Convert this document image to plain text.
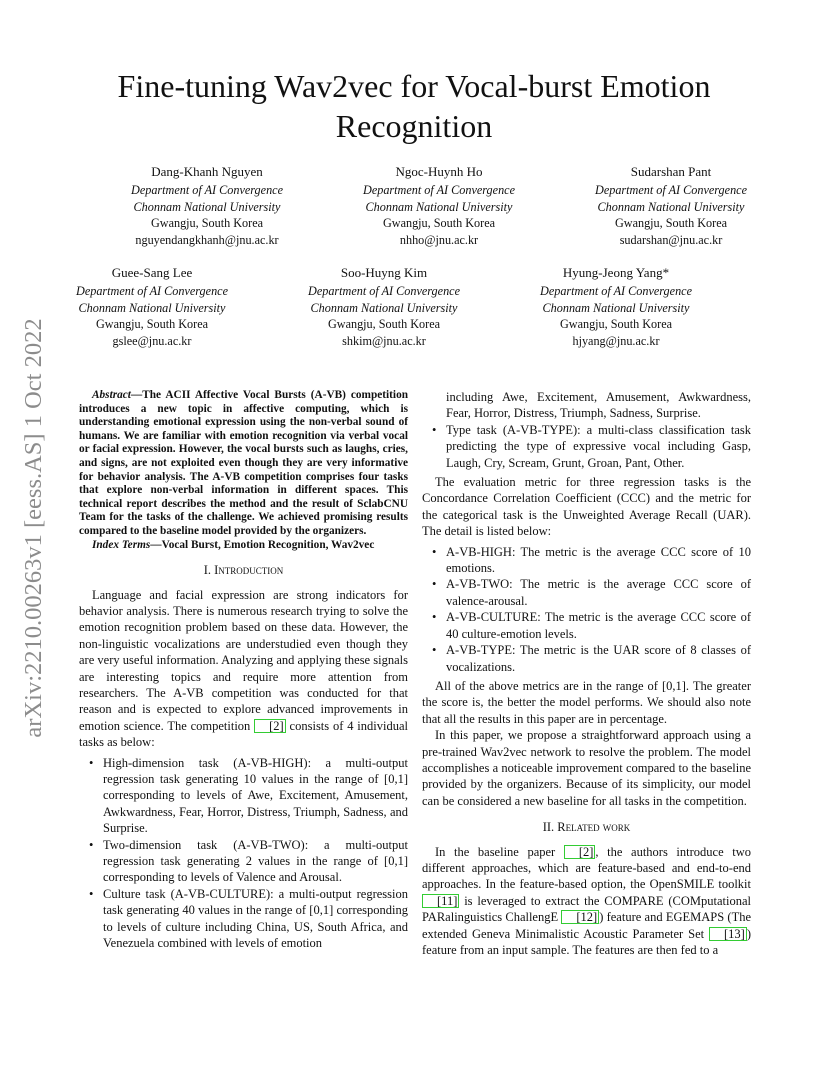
Fine-tuning Wav2vec for Vocal-burst Emotion Recognition
Dang-Khanh Nguyen
Department of AI Convergence
Chonnam National University
Gwangju, South Korea
nguyendangkhanh@jnu.ac.kr
Ngoc-Huynh Ho
Department of AI Convergence
Chonnam National University
Gwangju, South Korea
nhho@jnu.ac.kr
Sudarshan Pant
Department of AI Convergence
Chonnam National University
Gwangju, South Korea
sudarshan@jnu.ac.kr
Guee-Sang Lee
Department of AI Convergence
Chonnam National University
Gwangju, South Korea
gslee@jnu.ac.kr
Soo-Huyng Kim
Department of AI Convergence
Chonnam National University
Gwangju, South Korea
shkim@jnu.ac.kr
Hyung-Jeong Yang*
Department of AI Convergence
Chonnam National University
Gwangju, South Korea
hjyang@jnu.ac.kr
arXiv:2210.00263v1 [eess.AS] 1 Oct 2022	Abstract—The ACII Affective Vocal Bursts (A-VB) competition introduces a new topic in affective computing, which is understanding emotional expression using the non-verbal sound of humans. We are familiar with emotion recognition via verbal vocal or facial expression. However, the vocal bursts such as laughs, cries, and signs, are not exploited even though they are very informative for behavior analysis. The A-VB competition comprises four tasks that explore non-verbal information in different spaces. This technical report describes the method and the result of SclabCNU Team for the tasks of the challenge. We achieved promising results compared to the baseline model provided by the organizers.

Index Terms—Vocal Burst, Emotion Recognition, Wav2vec

I. Introduction

Language and facial expression are strong indicators for behavior analysis. There is numerous research trying to solve the emotion recognition problem based on these data. However, the non-linguistic vocalizations are understudied even though they are very useful information. Analyzing and applying these signals are interesting topics and require more attention from researchers. The A-VB competition was conducted for that reason and is expected to explore advanced improvements in emotion science. The competition [2] consists of 4 individual tasks as below:

• High-dimension task (A-VB-HIGH): a multi-output regression task generating 10 values in the range of [0,1] corresponding to levels of Awe, Excitement, Amusement, Awkwardness, Fear, Horror, Distress, Triumph, Sadness, and Surprise.
• Two-dimension task (A-VB-TWO): a multi-output regression task generating 2 values in the range of [0,1] corresponding to levels of Valence and Arousal.
• Culture task (A-VB-CULTURE): a multi-output regression task generating 40 values in the range of [0,1] corresponding to levels of culture including China, US, South Africa, and Venezuela combined with levels of emotion
including Awe, Excitement, Amusement, Awkwardness, Fear, Horror, Distress, Triumph, Sadness, Surprise.
• Type task (A-VB-TYPE): a multi-class classification task predicting the type of expressive vocal including Gasp, Laugh, Cry, Scream, Grunt, Groan, Pant, Other.

The evaluation metric for three regression tasks is the Concordance Correlation Coefficient (CCC) and the metric for the categorical task is the Unweighted Average Recall (UAR). The detail is listed below:

• A-VB-HIGH: The metric is the average CCC score of 10 emotions.
• A-VB-TWO: The metric is the average CCC score of valence-arousal.
• A-VB-CULTURE: The metric is the average CCC score of 40 culture-emotion levels.
• A-VB-TYPE: The metric is the UAR score of 8 classes of vocalizations.

All of the above metrics are in the range of [0,1]. The greater the score is, the better the model performs. We should also note that all the results in this paper are in percentage.

In this paper, we propose a straightforward approach using a pre-trained Wav2vec network to resolve the problem. The model accomplishes a noticeable improvement compared to the baseline provided by the organizers. Because of its simplicity, our model can be considered a new baseline for all tasks in the competition.

II. Related work

In the baseline paper [2] , the authors introduce two different approaches, which are feature-based and end-to-end approaches. In the feature-based option, the OpenSMILE toolkit [11] is leveraged to extract the COMPARE (COMputational PARalinguistics ChallengE [12] ) feature and EGEMAPS (The extended Geneva Minimalistic Acoustic Parameter Set [13] ) feature from an input sample. The features are then fed to a
